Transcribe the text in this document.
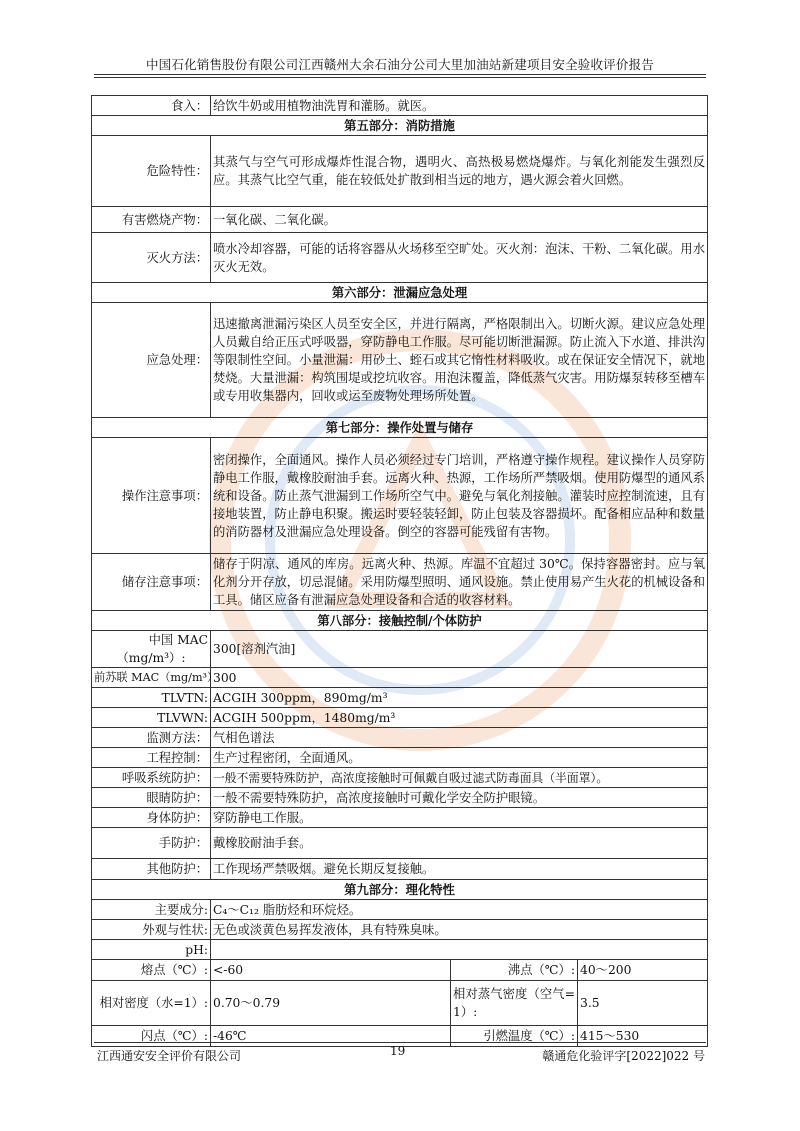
中国石化销售股份有限公司江西赣州大余石油分公司大里加油站新建项目安全验收评价报告
食入：	给饮牛奶或用植物油洗胃和灌肠。就医。		
第五部分：消防措施			
危险特性：	其蒸气与空气可形成爆炸性混合物，遇明火、高热极易燃烧爆炸。与氧化剂能发生强烈反应。其蒸气比空气重，能在较低处扩散到相当远的地方，遇火源会着火回燃。		
有害燃烧产物：	一氧化碳、二氧化碳。		
灭火方法：	喷水冷却容器，可能的话将容器从火场移至空旷处。灭火剂：泡沫、干粉、二氧化碳。用水灭火无效。		
第六部分：泄漏应急处理			
应急处理：	迅速撤离泄漏污染区人员至安全区，并进行隔离，严格限制出入。切断火源。建议应急处理人员戴自给正压式呼吸器，穿防静电工作服。尽可能切断泄漏源。防止流入下水道、排洪沟等限制性空间。小量泄漏：用砂土、蛭石或其它惰性材料吸收。或在保证安全情况下，就地焚烧。大量泄漏：构筑围堤或挖坑收容。用泡沫覆盖，降低蒸气灾害。用防爆泵转移至槽车或专用收集器内，回收或运至废物处理场所处置。		
第七部分：操作处置与储存			
操作注意事项：	密闭操作，全面通风。操作人员必须经过专门培训，严格遵守操作规程。建议操作人员穿防静电工作服，戴橡胶耐油手套。远离火种、热源，工作场所严禁吸烟。使用防爆型的通风系统和设备。防止蒸气泄漏到工作场所空气中。避免与氧化剂接触。灌装时应控制流速，且有接地装置，防止静电积聚。搬运时要轻装轻卸，防止包装及容器损坏。配备相应品种和数量的消防器材及泄漏应急处理设备。倒空的容器可能残留有害物。		
储存注意事项：	储存于阴凉、通风的库房。远离火种、热源。库温不宜超过 30℃。保持容器密封。应与氧化剂分开存放，切忌混储。采用防爆型照明、通风设施。禁止使用易产生火花的机械设备和工具。储区应备有泄漏应急处理设备和合适的收容材料。		
第八部分：接触控制/个体防护			

中国 MAC
（mg/m³）:	300[溶剂汽油]		
前苏联 MAC（mg/m³）	300		
TLVTN:	ACGIH 300ppm，890mg/m³		
TLVWN:	ACGIH 500ppm，1480mg/m³		
监测方法：	气相色谱法		
工程控制：	生产过程密闭，全面通风。		
呼吸系统防护：	一般不需要特殊防护，高浓度接触时可佩戴自吸过滤式防毒面具（半面罩）。		
眼睛防护：	一般不需要特殊防护，高浓度接触时可戴化学安全防护眼镜。		
身体防护：	穿防静电工作服。		
手防护：	戴橡胶耐油手套。		
其他防护：	工作现场严禁吸烟。避免长期反复接触。		
第九部分：理化特性			
主要成分:	C₄～C₁₂ 脂肪烃和环烷烃。		
外观与性状:	无色或淡黄色易挥发液体，具有特殊臭味。		
pH:			
熔点（℃）:	<-60	沸点（℃）:	40～200
相对密度（水=1）:	0.70～0.79	相对蒸气密度（空气=1）:	3.5
闪点（℃）:	-46℃	引燃温度（℃）:	415～530
江西通安安全评价有限公司	19	赣通危化验评字[2022]022 号
